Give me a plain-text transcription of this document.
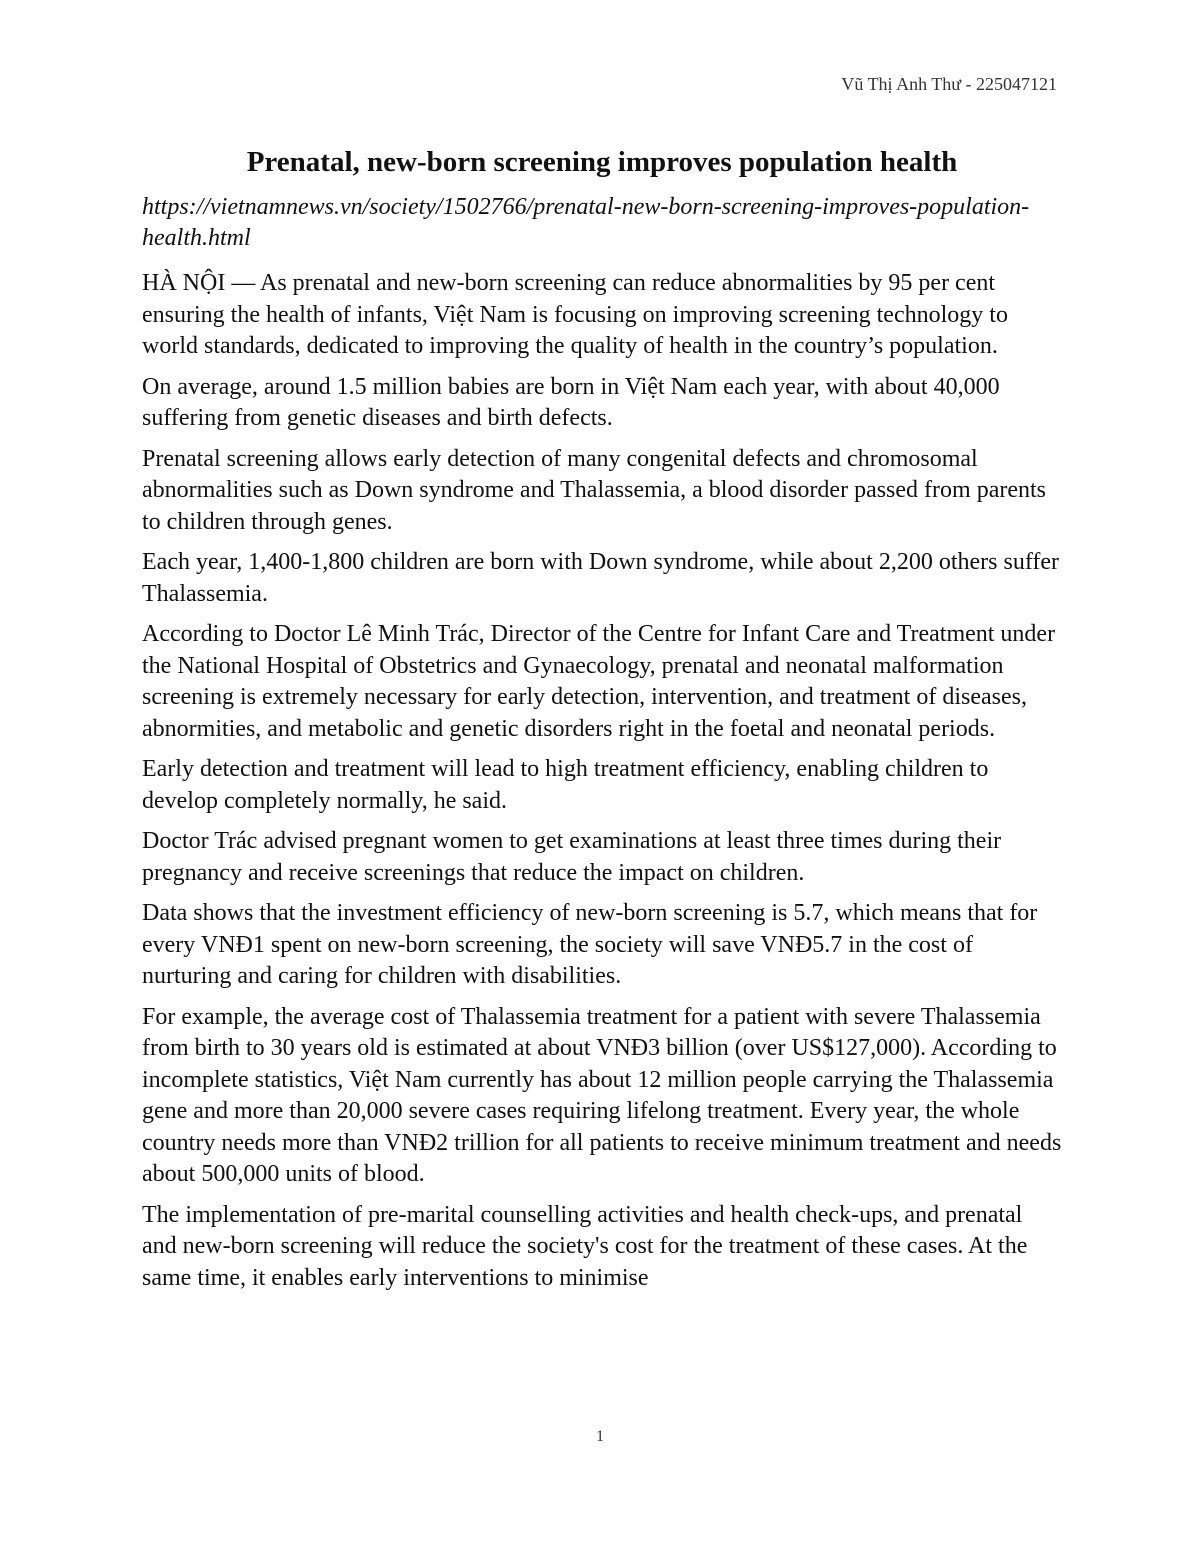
Vũ Thị Anh Thư - 225047121
Prenatal, new-born screening improves population health
https://vietnamnews.vn/society/1502766/prenatal-new-born-screening-improves-population-health.html

HÀ NỘI — As prenatal and new-born screening can reduce abnormalities by 95 per cent ensuring the health of infants, Việt Nam is focusing on improving screening technology to world standards, dedicated to improving the quality of health in the country’s population.

On average, around 1.5 million babies are born in Việt Nam each year, with about 40,000 suffering from genetic diseases and birth defects.

Prenatal screening allows early detection of many congenital defects and chromosomal abnormalities such as Down syndrome and Thalassemia, a blood disorder passed from parents to children through genes.

Each year, 1,400-1,800 children are born with Down syndrome, while about 2,200 others suffer Thalassemia.

According to Doctor Lê Minh Trác, Director of the Centre for Infant Care and Treatment under the National Hospital of Obstetrics and Gynaecology, prenatal and neonatal malformation screening is extremely necessary for early detection, intervention, and treatment of diseases, abnormities, and metabolic and genetic disorders right in the foetal and neonatal periods.

Early detection and treatment will lead to high treatment efficiency, enabling children to develop completely normally, he said.

Doctor Trác advised pregnant women to get examinations at least three times during their pregnancy and receive screenings that reduce the impact on children.

Data shows that the investment efficiency of new-born screening is 5.7, which means that for every VNĐ1 spent on new-born screening, the society will save VNĐ5.7 in the cost of nurturing and caring for children with disabilities.

For example, the average cost of Thalassemia treatment for a patient with severe Thalassemia from birth to 30 years old is estimated at about VNĐ3 billion (over US$127,000). According to incomplete statistics, Việt Nam currently has about 12 million people carrying the Thalassemia gene and more than 20,000 severe cases requiring lifelong treatment. Every year, the whole country needs more than VNĐ2 trillion for all patients to receive minimum treatment and needs about 500,000 units of blood.

The implementation of pre-marital counselling activities and health check-ups, and prenatal and new-born screening will reduce the society's cost for the treatment of these cases. At the same time, it enables early interventions to minimise

1
